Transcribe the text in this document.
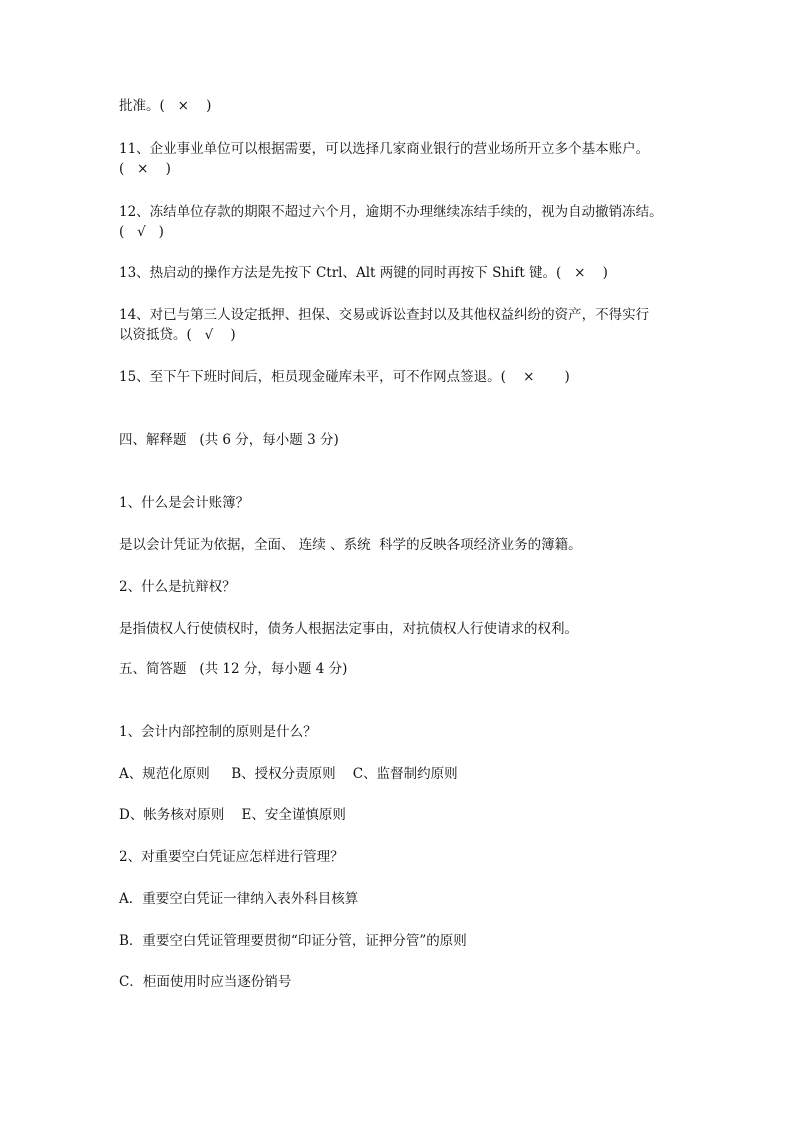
批准。(   ×    )

11、企业事业单位可以根据需要，可以选择几家商业银行的营业场所开立多个基本账户。

(   ×    )

12、冻结单位存款的期限不超过六个月，逾期不办理继续冻结手续的，视为自动撤销冻结。

(   √   )

13、热启动的操作方法是先按下 Ctrl、Alt 两键的同时再按下 Shift 键。(   ×    )

14、对已与第三人设定抵押、担保、交易或诉讼查封以及其他权益纠纷的资产，不得实行

以资抵贷。(   √    )

15、至下午下班时间后，柜员现金碰库未平，可不作网点签退。(    ×       )

四、解释题   (共 6 分，每小题 3 分)

1、什么是会计账簿？

是以会计凭证为依据，全面、 连续 、系统  科学的反映各项经济业务的簿籍。

2、什么是抗辩权？

是指债权人行使债权时，债务人根据法定事由，对抗债权人行使请求的权利。

五、简答题   (共 12 分，每小题 4 分)

1、会计内部控制的原则是什么？

A、规范化原则     B、授权分责原则    C、监督制约原则

D、帐务核对原则    E、安全谨慎原则

2、对重要空白凭证应怎样进行管理？

A．重要空白凭证一律纳入表外科目核算

B．重要空白凭证管理要贯彻“印证分管，证押分管”的原则

C．柜面使用时应当逐份销号
